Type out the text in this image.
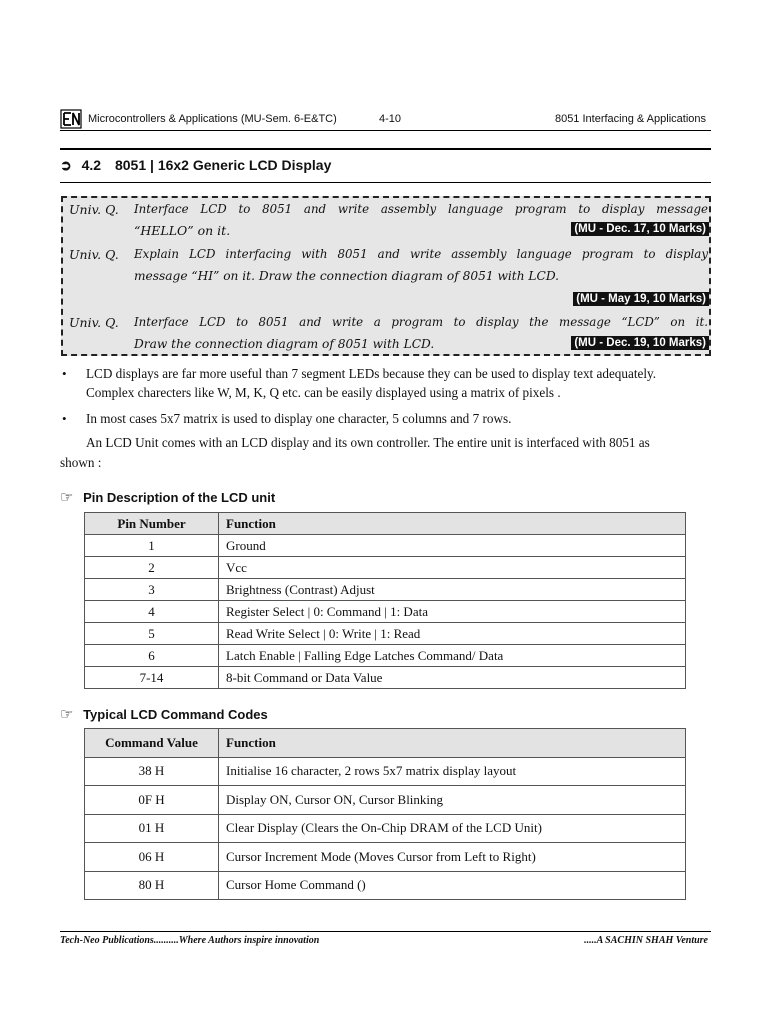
Microcontrollers & Applications (MU-Sem. 6-E&TC)	4-10	8051 Interfacing & Applications
➲ 4.2 8051 | 16x2 Generic LCD Display
Univ. Q. Interface LCD to 8051 and write assembly language program to display message
“HELLO” on it.	(MU - Dec. 17, 10 Marks)
Univ. Q. Explain LCD interfacing with 8051 and write assembly language program to display
message “HI” on it. Draw the connection diagram of 8051 with LCD.
(MU - May 19, 10 Marks)
Univ. Q. Interface LCD to 8051 and write a program to display the message “LCD” on it.
Draw the connection diagram of 8051 with LCD.	(MU - Dec. 19, 10 Marks)
• LCD displays are far more useful than 7 segment LEDs because they can be used to display text adequately.
Complex charecters like W, M, K, Q etc. can be easily displayed using a matrix of pixels .
• In most cases 5x7 matrix is used to display one character, 5 columns and 7 rows.
An LCD Unit comes with an LCD display and its own controller. The entire unit is interfaced with 8051 as
shown :
☞ Pin Description of the LCD unit
Pin Number	Function
1	Ground
2	Vcc
3	Brightness (Contrast) Adjust
4	Register Select | 0: Command | 1: Data
5	Read Write Select | 0: Write | 1: Read
6	Latch Enable | Falling Edge Latches Command/ Data
7-14	8-bit Command or Data Value
☞ Typical LCD Command Codes
Command Value	Function
38 H	Initialise 16 character, 2 rows 5x7 matrix display layout
0F H	Display ON, Cursor ON, Cursor Blinking
01 H	Clear Display (Clears the On-Chip DRAM of the LCD Unit)
06 H	Cursor Increment Mode (Moves Cursor from Left to Right)
80 H	Cursor Home Command ()
Tech-Neo Publications..........Where Authors inspire innovation	.....A SACHIN SHAH Venture
